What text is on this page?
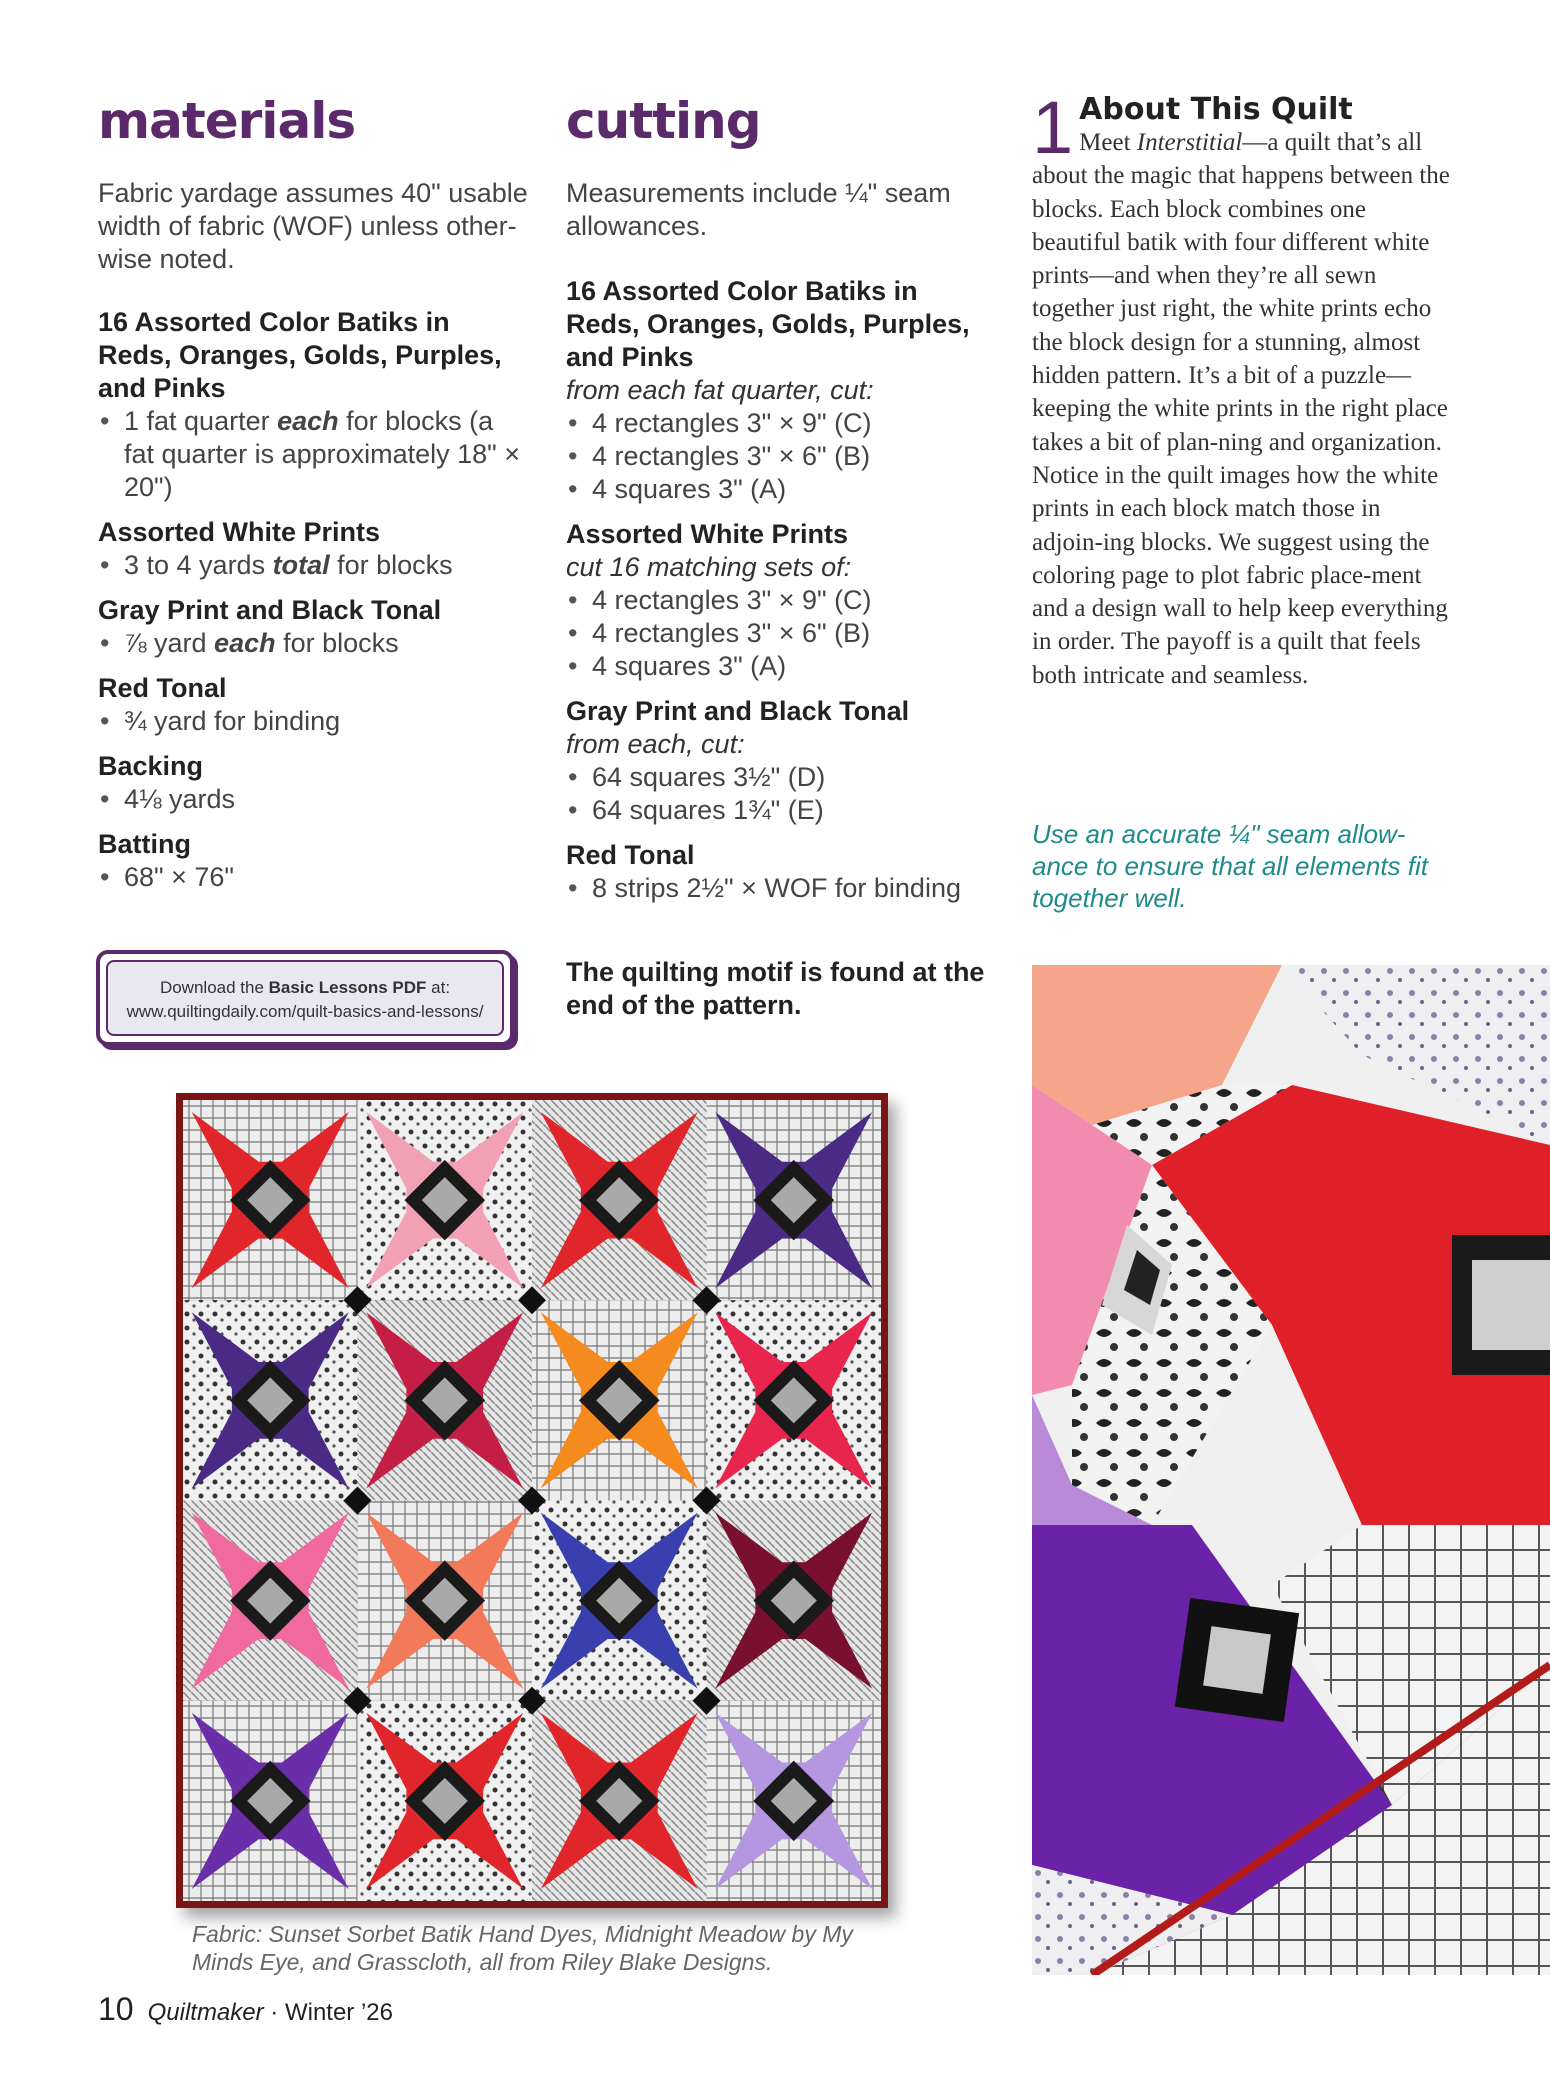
materials

Fabric yardage assumes 40" usable width of fabric (WOF) unless other-wise noted.

16 Assorted Color Batiks in Reds, Oranges, Golds, Purples, and Pinks

• 1 fat quarter each for blocks (a fat quarter is approximately 18" × 20")

Assorted White Prints

• 3 to 4 yards total for blocks

Gray Print and Black Tonal

• ⅞ yard each for blocks

Red Tonal

• ¾ yard for binding

Backing

• 4⅛ yards

Batting

• 68" × 76"
cutting

Measurements include ¼" seam allowances.

16 Assorted Color Batiks in Reds, Oranges, Golds, Purples, and Pinks

from each fat quarter, cut:

• 4 rectangles 3" × 9" (C)
• 4 rectangles 3" × 6" (B)
• 4 squares 3" (A)

Assorted White Prints

cut 16 matching sets of:

• 4 rectangles 3" × 9" (C)
• 4 rectangles 3" × 6" (B)
• 4 squares 3" (A)

Gray Print and Black Tonal

from each, cut:

• 64 squares 3½" (D)
• 64 squares 1¾" (E)

Red Tonal

• 8 strips 2½" × WOF for binding

The quilting motif is found at the end of the pattern.

1 About This Quilt
Meet Interstitial—a quilt that’s all about the magic that happens between the blocks. Each block combines one beautiful batik with four different white prints—and when they’re all sewn together just right, the white prints echo the block design for a stunning, almost hidden pattern. It’s a bit of a puzzle—keeping the white prints in the right place takes a bit of plan-ning and organization. Notice in the quilt images how the white prints in each block match those in adjoin-ing blocks. We suggest using the coloring page to plot fabric place-ment and a design wall to help keep everything in order. The payoff is a quilt that feels both intricate and seamless.

Use an accurate ¼" seam allow-ance to ensure that all elements fit together well.

Download the Basic Lessons PDF at:
www.quiltingdaily.com/quilt-basics-and-lessons/

Fabric: Sunset Sorbet Batik Hand Dyes, Midnight Meadow by My Minds Eye, and Grasscloth, all from Riley Blake Designs.

10 Quiltmaker · Winter ’26
